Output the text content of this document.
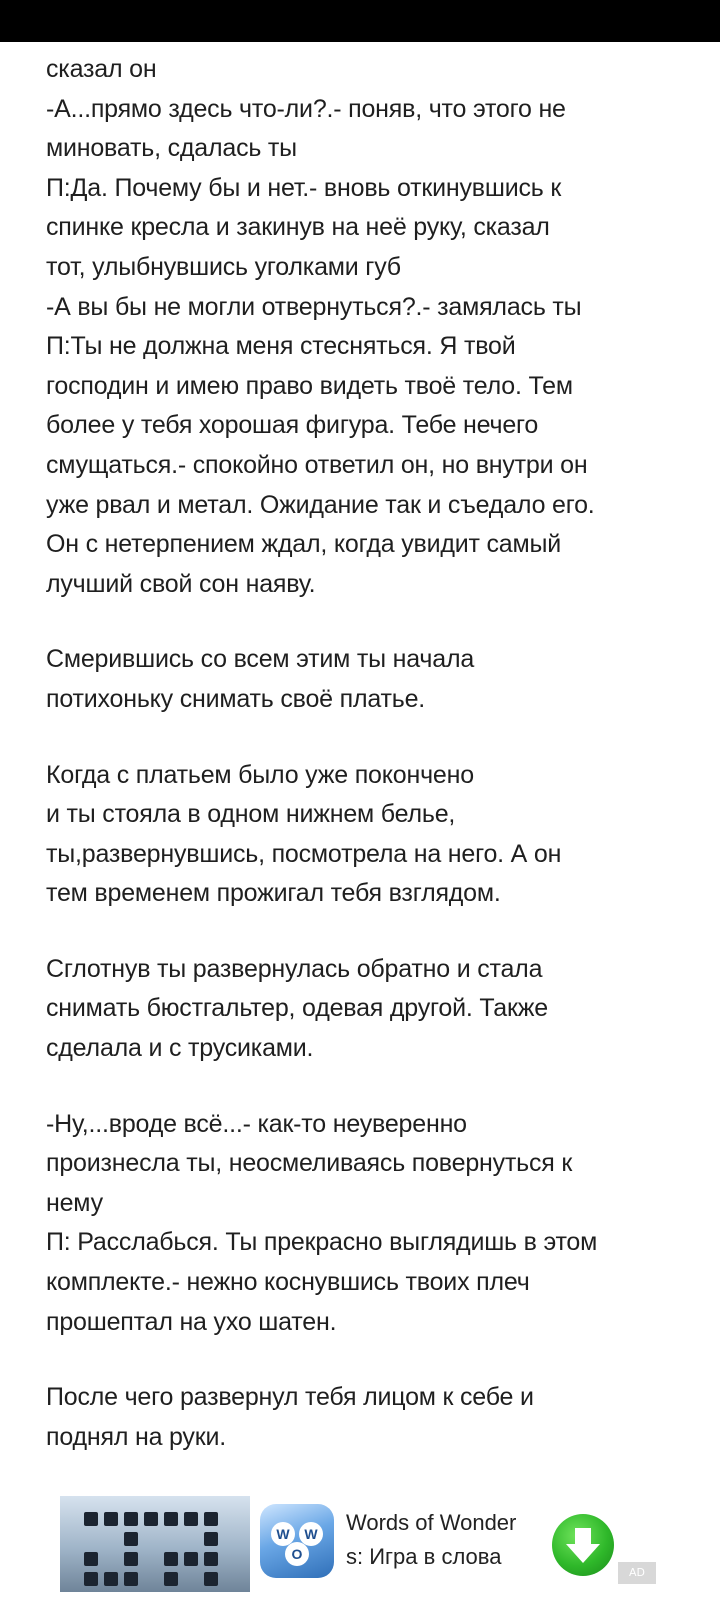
сказал он
-А...прямо здесь что-ли?.- поняв, что этого не
миновать, сдалась ты
П:Да. Почему бы и нет.- вновь откинувшись к
спинке кресла и закинув на неё руку, сказал
тот, улыбнувшись уголками губ
-А вы бы не могли отвернуться?.- замялась ты
П:Ты не должна меня стесняться. Я твой
господин и имею право видеть твоё тело. Тем
более у тебя хорошая фигура. Тебе нечего
смущаться.- спокойно ответил он, но внутри он
уже рвал и метал. Ожидание так и съедало его.
Он с нетерпением ждал, когда увидит самый
лучший свой сон наяву.

Смерившись со всем этим ты начала
потихоньку снимать своё платье.

Когда с платьем было уже покончено
и ты стояла в одном нижнем белье,
ты,развернувшись, посмотрела на него. А он
тем временем прожигал тебя взглядом.

Сглотнув ты развернулась обратно и стала
снимать бюстгальтер, одевая другой. Также
сделала и с трусиками.

-Ну,...вроде всё...- как-то неуверенно
произнесла ты, неосмеливаясь повернуться к
нему
П: Расслабься. Ты прекрасно выглядишь в этом
комплекте.- нежно коснувшись твоих плеч
прошептал на ухо шатен.

После чего развернул тебя лицом к себе и
поднял на руки.

W	W
O
Words of Wonder
s: Игра в слова
AD
